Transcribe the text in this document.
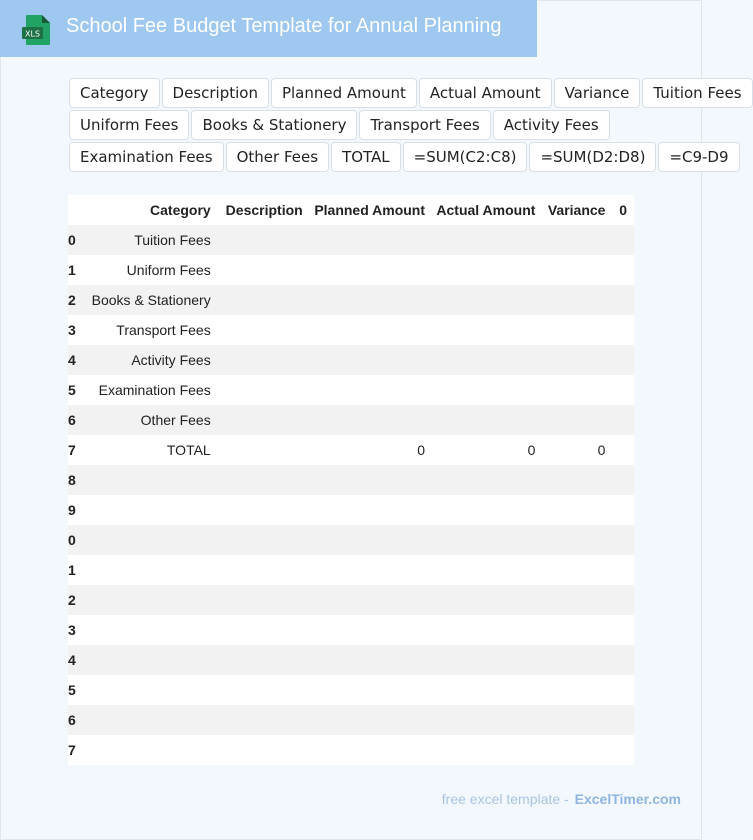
XLS School Fee Budget Template for Annual Planning
Category	Description	Planned Amount	Actual Amount	Variance	Tuition Fees
Uniform Fees	Books & Stationery	Transport Fees	Activity Fees
Examination Fees	Other Fees	TOTAL	=SUM(C2:C8)	=SUM(D2:D8)	=C9-D9
	Category	Description	Planned Amount	Actual Amount	Variance	0

0	Tuition Fees					

1	Uniform Fees					

2	Books & Stationery					

3	Transport Fees					

4	Activity Fees					

5	Examination Fees					

6	Other Fees					

7	TOTAL		0	0	0	

8						

9						

0						

1						

2						

3						

4						

5						

6						

7						

free excel template - ExcelTimer.com
